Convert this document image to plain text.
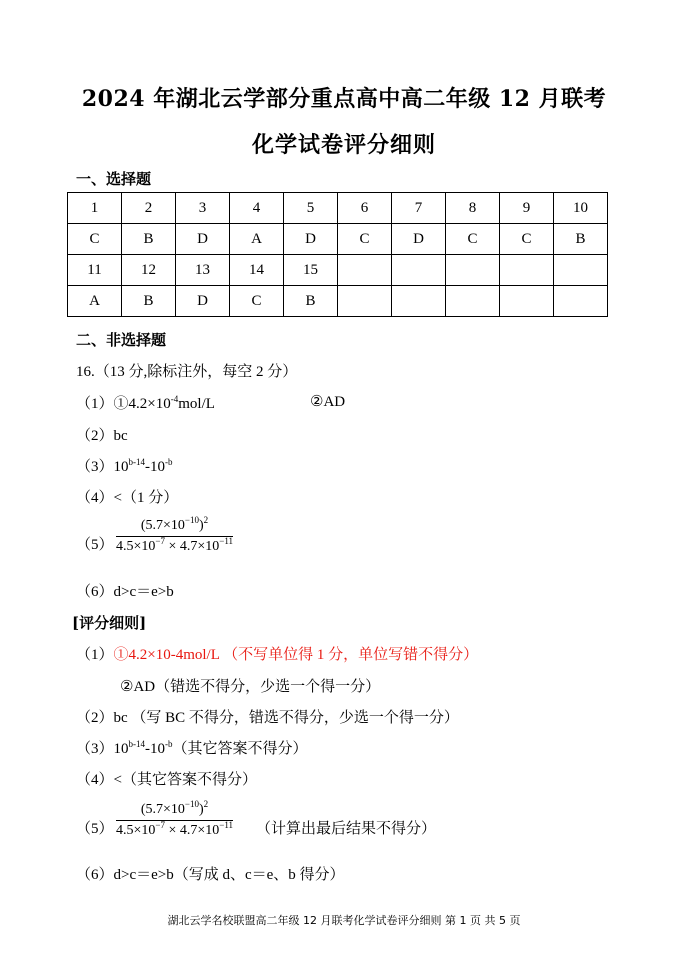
2024 年湖北云学部分重点高中高二年级 12 月联考
化学试卷评分细则
一、选择题
1	2	3	4	5	6	7	8	9	10
C	B	D	A	D	C	D	C	C	B
11	12	13	14	15					
A	B	D	C	B					
二、非选择题
16.（13 分,除标注外，每空 2 分）
$(1)①4.2\times 10^{-4}mol/L$	②AD
（2）bc
$(3)10^{b-14}-10^{-b}$
（4）<（1 分）
（5）
$(5.7\times 10^{-10})^2$
$4.5\times 10^{-7} \times 4.7\times 10^{-11}$
（6）d>c＝e>b
[评分细则]
（1）①4.2×10-4mol/L （不写单位得 1 分，单位写错不得分）
②AD（错选不得分，少选一个得一分）
（2）bc （写 BC 不得分，错选不得分，少选一个得一分）
$(3)10^{b-14}-10^{-b}$（其它答案不得分）
（4）<（其它答案不得分）
（5）
$(5.7\times 10^{-10})^2$
$4.5\times 10^{-7} \times 4.7\times 10^{-11}$ （计算出最后结果不得分）
（6）d>c＝e>b（写成 d、c＝e、b 得分）
湖北云学名校联盟高二年级 12 月联考化学试卷评分细则 第 1 页 共 5 页
